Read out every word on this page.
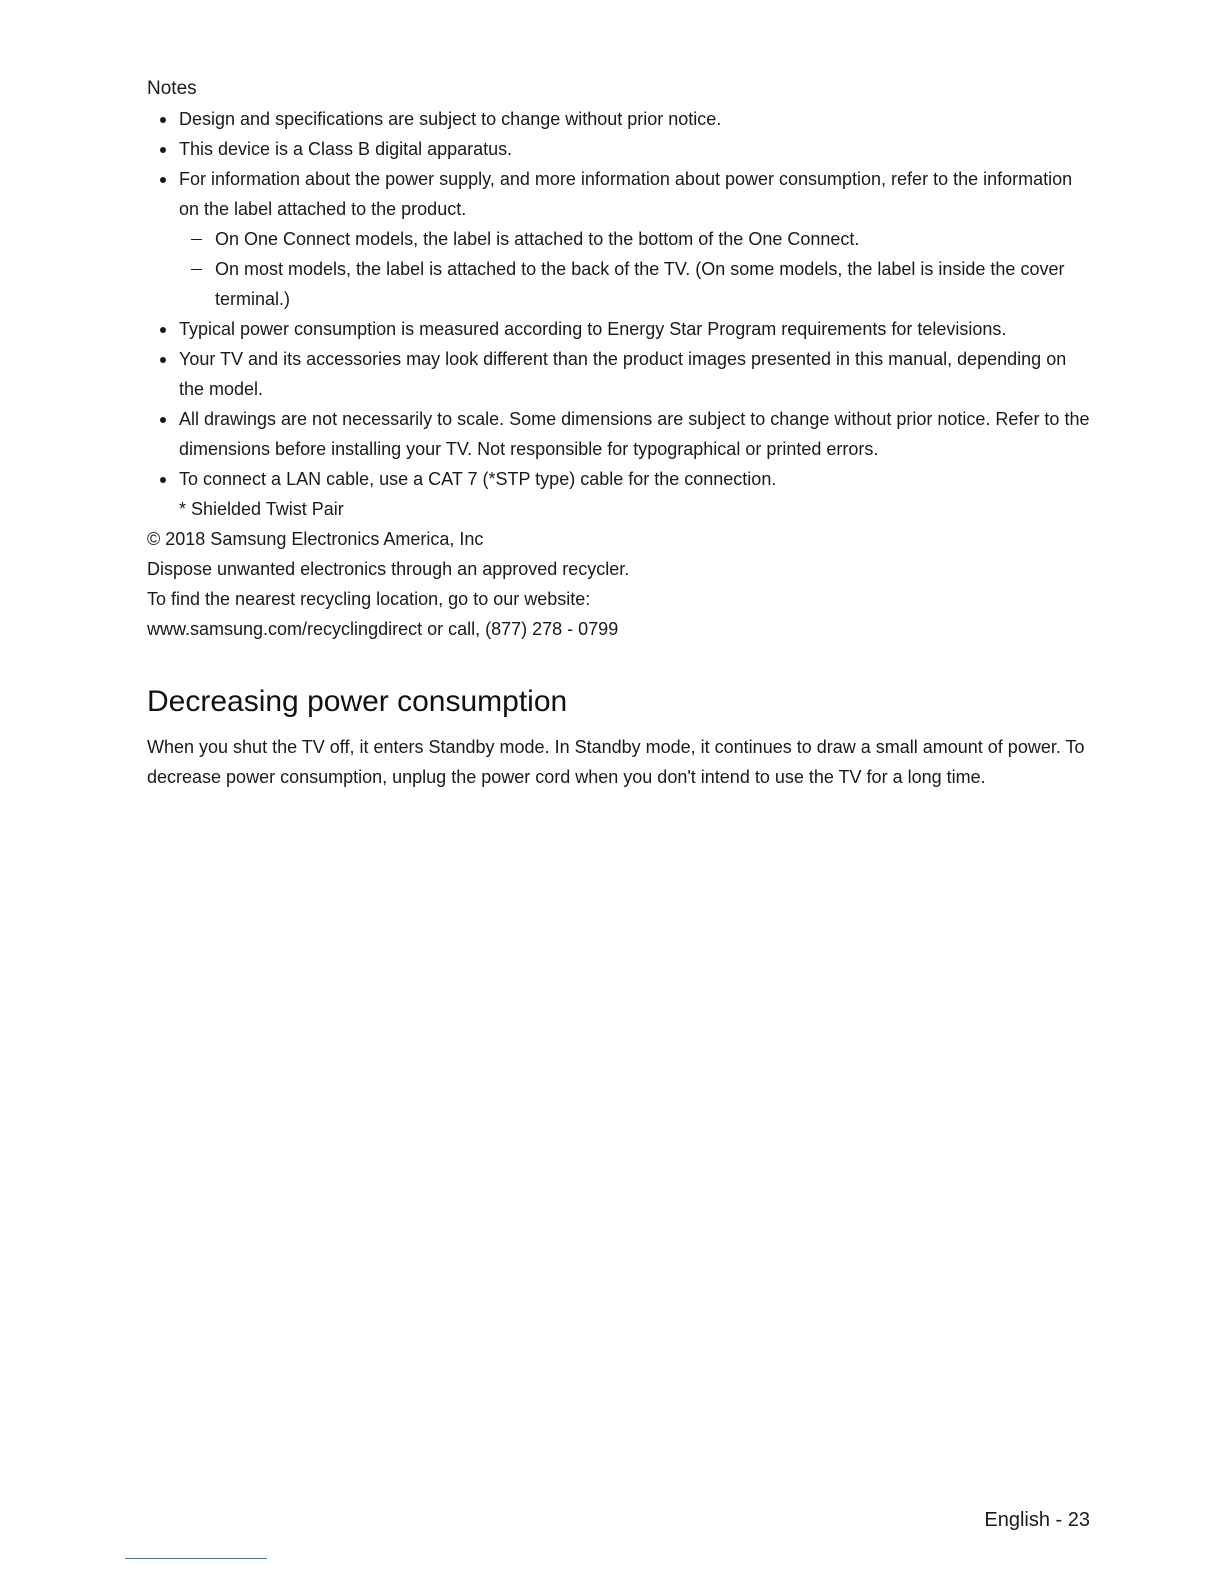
Notes
Design and specifications are subject to change without prior notice.
This device is a Class B digital apparatus.
For information about the power supply, and more information about power consumption, refer to the information on the label attached to the product.
On One Connect models, the label is attached to the bottom of the One Connect.
On most models, the label is attached to the back of the TV. (On some models, the label is inside the cover terminal.)
Typical power consumption is measured according to Energy Star Program requirements for televisions.
Your TV and its accessories may look different than the product images presented in this manual, depending on the model.
All drawings are not necessarily to scale. Some dimensions are subject to change without prior notice. Refer to the dimensions before installing your TV. Not responsible for typographical or printed errors.
To connect a LAN cable, use a CAT 7 (*STP type) cable for the connection.
* Shielded Twist Pair
© 2018 Samsung Electronics America, Inc
Dispose unwanted electronics through an approved recycler.
To find the nearest recycling location, go to our website:
www.samsung.com/recyclingdirect or call, (877) 278 - 0799
Decreasing power consumption

When you shut the TV off, it enters Standby mode. In Standby mode, it continues to draw a small amount of power. To decrease power consumption, unplug the power cord when you don't intend to use the TV for a long time.

English - 23
